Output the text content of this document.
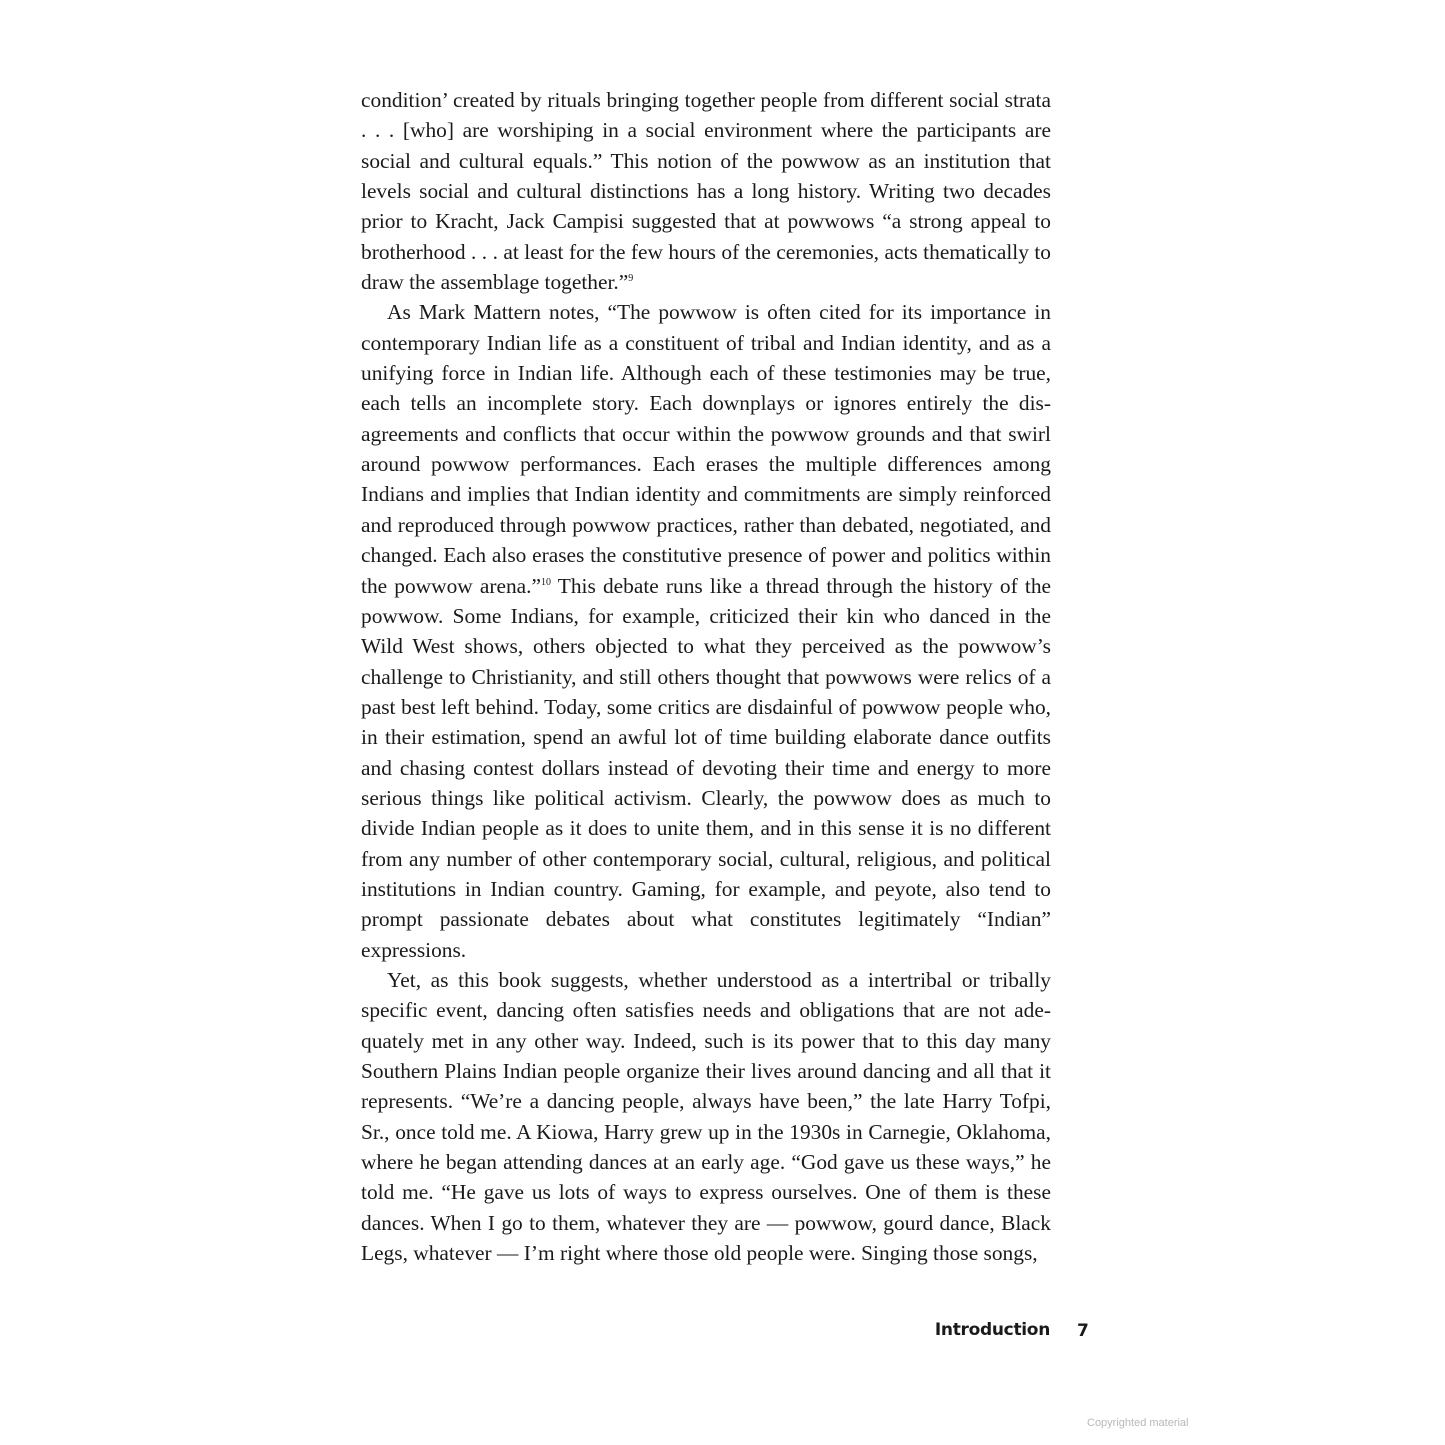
condition’ created by rituals bringing together people from different social strata . . . [who] are worshiping in a social environment where the participants are social and cultural equals.” This notion of the powwow as an institution that levels social and cultural distinctions has a long history. Writing two decades prior to Kracht, Jack Campisi suggested that at powwows “a strong appeal to brotherhood . . . at least for the few hours of the ceremonies, acts thematically to draw the assemblage together.”$^9$

As Mark Mattern notes, “The powwow is often cited for its importance in contemporary Indian life as a constituent of tribal and Indian identity, and as a unifying force in Indian life. Although each of these testimonies may be true, each tells an incomplete story. Each downplays or ignores entirely the disagreements and conflicts that occur within the powwow grounds and that swirl around powwow performances. Each erases the multiple differences among Indians and implies that Indian identity and commitments are simply reinforced and reproduced through powwow practices, rather than debated, negotiated, and changed. Each also erases the constitutive presence of power and politics within the powwow arena.”$^{10}$ This debate runs like a thread through the history of the powwow. Some Indians, for example, criticized their kin who danced in the Wild West shows, others objected to what they perceived as the powwow’s challenge to Christianity, and still others thought that powwows were relics of a past best left behind. Today, some critics are disdainful of powwow people who, in their estimation, spend an awful lot of time building elaborate dance outfits and chasing contest dollars instead of devoting their time and energy to more serious things like political activism. Clearly, the powwow does as much to divide Indian people as it does to unite them, and in this sense it is no different from any number of other contemporary social, cultural, religious, and political institutions in Indian country. Gaming, for example, and peyote, also tend to prompt passionate debates about what constitutes legitimately “Indian” expressions.

Yet, as this book suggests, whether understood as a intertribal or tribally specific event, dancing often satisfies needs and obligations that are not adequately met in any other way. Indeed, such is its power that to this day many Southern Plains Indian people organize their lives around dancing and all that it represents. “We’re a dancing people, always have been,” the late Harry Tofpi, Sr., once told me. A Kiowa, Harry grew up in the 1930s in Carnegie, Oklahoma, where he began attending dances at an early age. “God gave us these ways,” he told me. “He gave us lots of ways to express ourselves. One of them is these dances. When I go to them, whatever they are — powwow, gourd dance, Black Legs, whatever — I’m right where those old people were. Singing those songs,

Introduction 7
Copyrighted material
